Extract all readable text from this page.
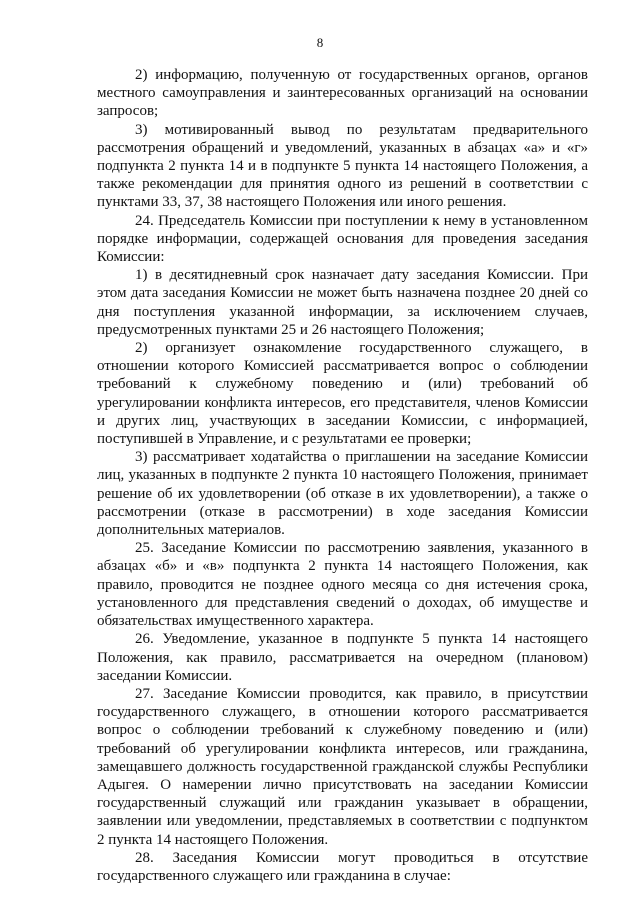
8

2) информацию, полученную от государственных органов, органов местного самоуправления и заинтересованных организаций на основании запросов;

3) мотивированный вывод по результатам предварительного рассмотрения обращений и уведомлений, указанных в абзацах «а» и «г» подпункта 2 пункта 14 и в подпункте 5 пункта 14 настоящего Положения, а также рекомендации для принятия одного из решений в соответствии с пунктами 33, 37, 38 настоящего Положения или иного решения.

24. Председатель Комиссии при поступлении к нему в установленном порядке информации, содержащей основания для проведения заседания Комиссии:

1) в десятидневный срок назначает дату заседания Комиссии. При этом дата заседания Комиссии не может быть назначена позднее 20 дней со дня поступления указанной информации, за исключением случаев, предусмотренных пунктами 25 и 26 настоящего Положения;

2) организует ознакомление государственного служащего, в отношении которого Комиссией рассматривается вопрос о соблюдении требований к служебному поведению и (или) требований об урегулировании конфликта интересов, его представителя, членов Комиссии и других лиц, участвующих в заседании Комиссии, с информацией, поступившей в Управление, и с результатами ее проверки;

3) рассматривает ходатайства о приглашении на заседание Комиссии лиц, указанных в подпункте 2 пункта 10 настоящего Положения, принимает решение об их удовлетворении (об отказе в их удовлетворении), а также о рассмотрении (отказе в рассмотрении) в ходе заседания Комиссии дополнительных материалов.

25. Заседание Комиссии по рассмотрению заявления, указанного в абзацах «б» и «в» подпункта 2 пункта 14 настоящего Положения, как правило, проводится не позднее одного месяца со дня истечения срока, установленного для представления сведений о доходах, об имуществе и обязательствах имущественного характера.

26. Уведомление, указанное в подпункте 5 пункта 14 настоящего Положения, как правило, рассматривается на очередном (плановом) заседании Комиссии.

27. Заседание Комиссии проводится, как правило, в присутствии государственного служащего, в отношении которого рассматривается вопрос о соблюдении требований к служебному поведению и (или) требований об урегулировании конфликта интересов, или гражданина, замещавшего должность государственной гражданской службы Республики Адыгея. О намерении лично присутствовать на заседании Комиссии государственный служащий или гражданин указывает в обращении, заявлении или уведомлении, представляемых в соответствии с подпунктом 2 пункта 14 настоящего Положения.

28. Заседания Комиссии могут проводиться в отсутствие государственного служащего или гражданина в случае:
